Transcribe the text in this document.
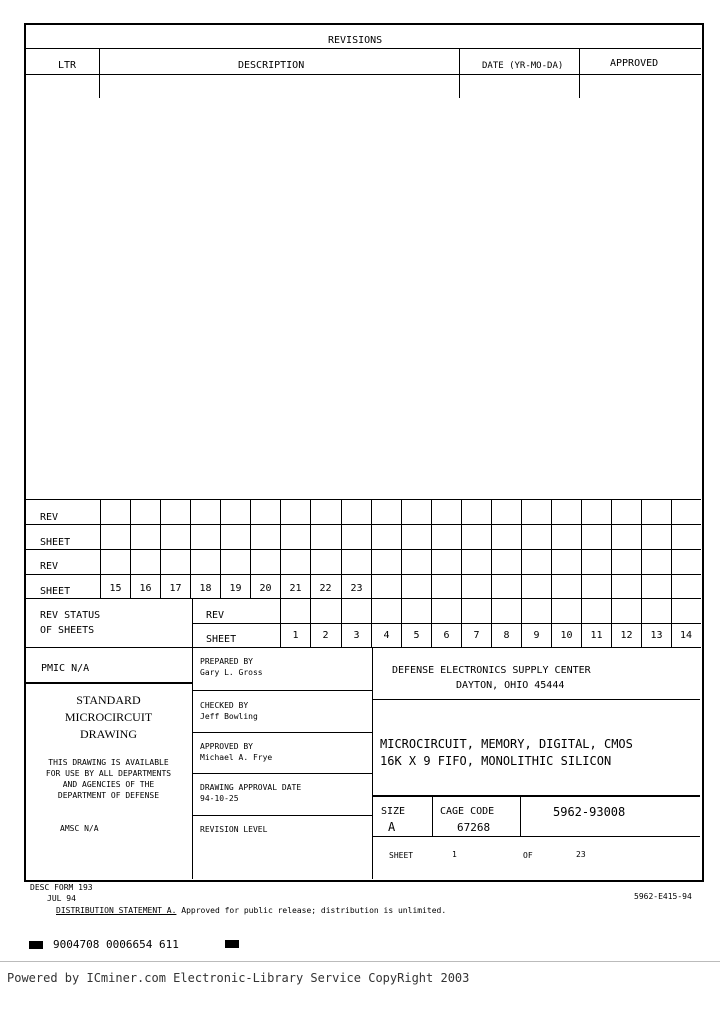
REVISIONS
LTR	DESCRIPTION	DATE (YR-MO-DA)	APPROVED
REV
SHEET
REV
SHEET	15	16	17	18	19	20	21	22	23
REV STATUS
OF SHEETS
REV
SHEET	1	2	3	4	5	6	7	8	9	10	11	12	13	14
PMIC N/A
STANDARD
MICROCIRCUIT
DRAWING
THIS DRAWING IS AVAILABLE
FOR USE BY ALL DEPARTMENTS
AND AGENCIES OF THE
DEPARTMENT OF DEFENSE
AMSC N/A
PREPARED BY
Gary L. Gross
CHECKED BY
Jeff Bowling
APPROVED BY
Michael A. Frye
DRAWING APPROVAL DATE
94-10-25
REVISION LEVEL
DEFENSE ELECTRONICS SUPPLY CENTER
DAYTON, OHIO 45444
MICROCIRCUIT, MEMORY, DIGITAL, CMOS
16K X 9 FIFO, MONOLITHIC SILICON
SIZE
A
CAGE CODE
67268
5962-93008
SHEET	1	OF	23
DESC FORM 193
JUL 94
DISTRIBUTION STATEMENT A. Approved for public release; distribution is unlimited.
5962-E415-94
9004708 0006654 611
Powered by ICminer.com Electronic-Library Service CopyRight 2003
